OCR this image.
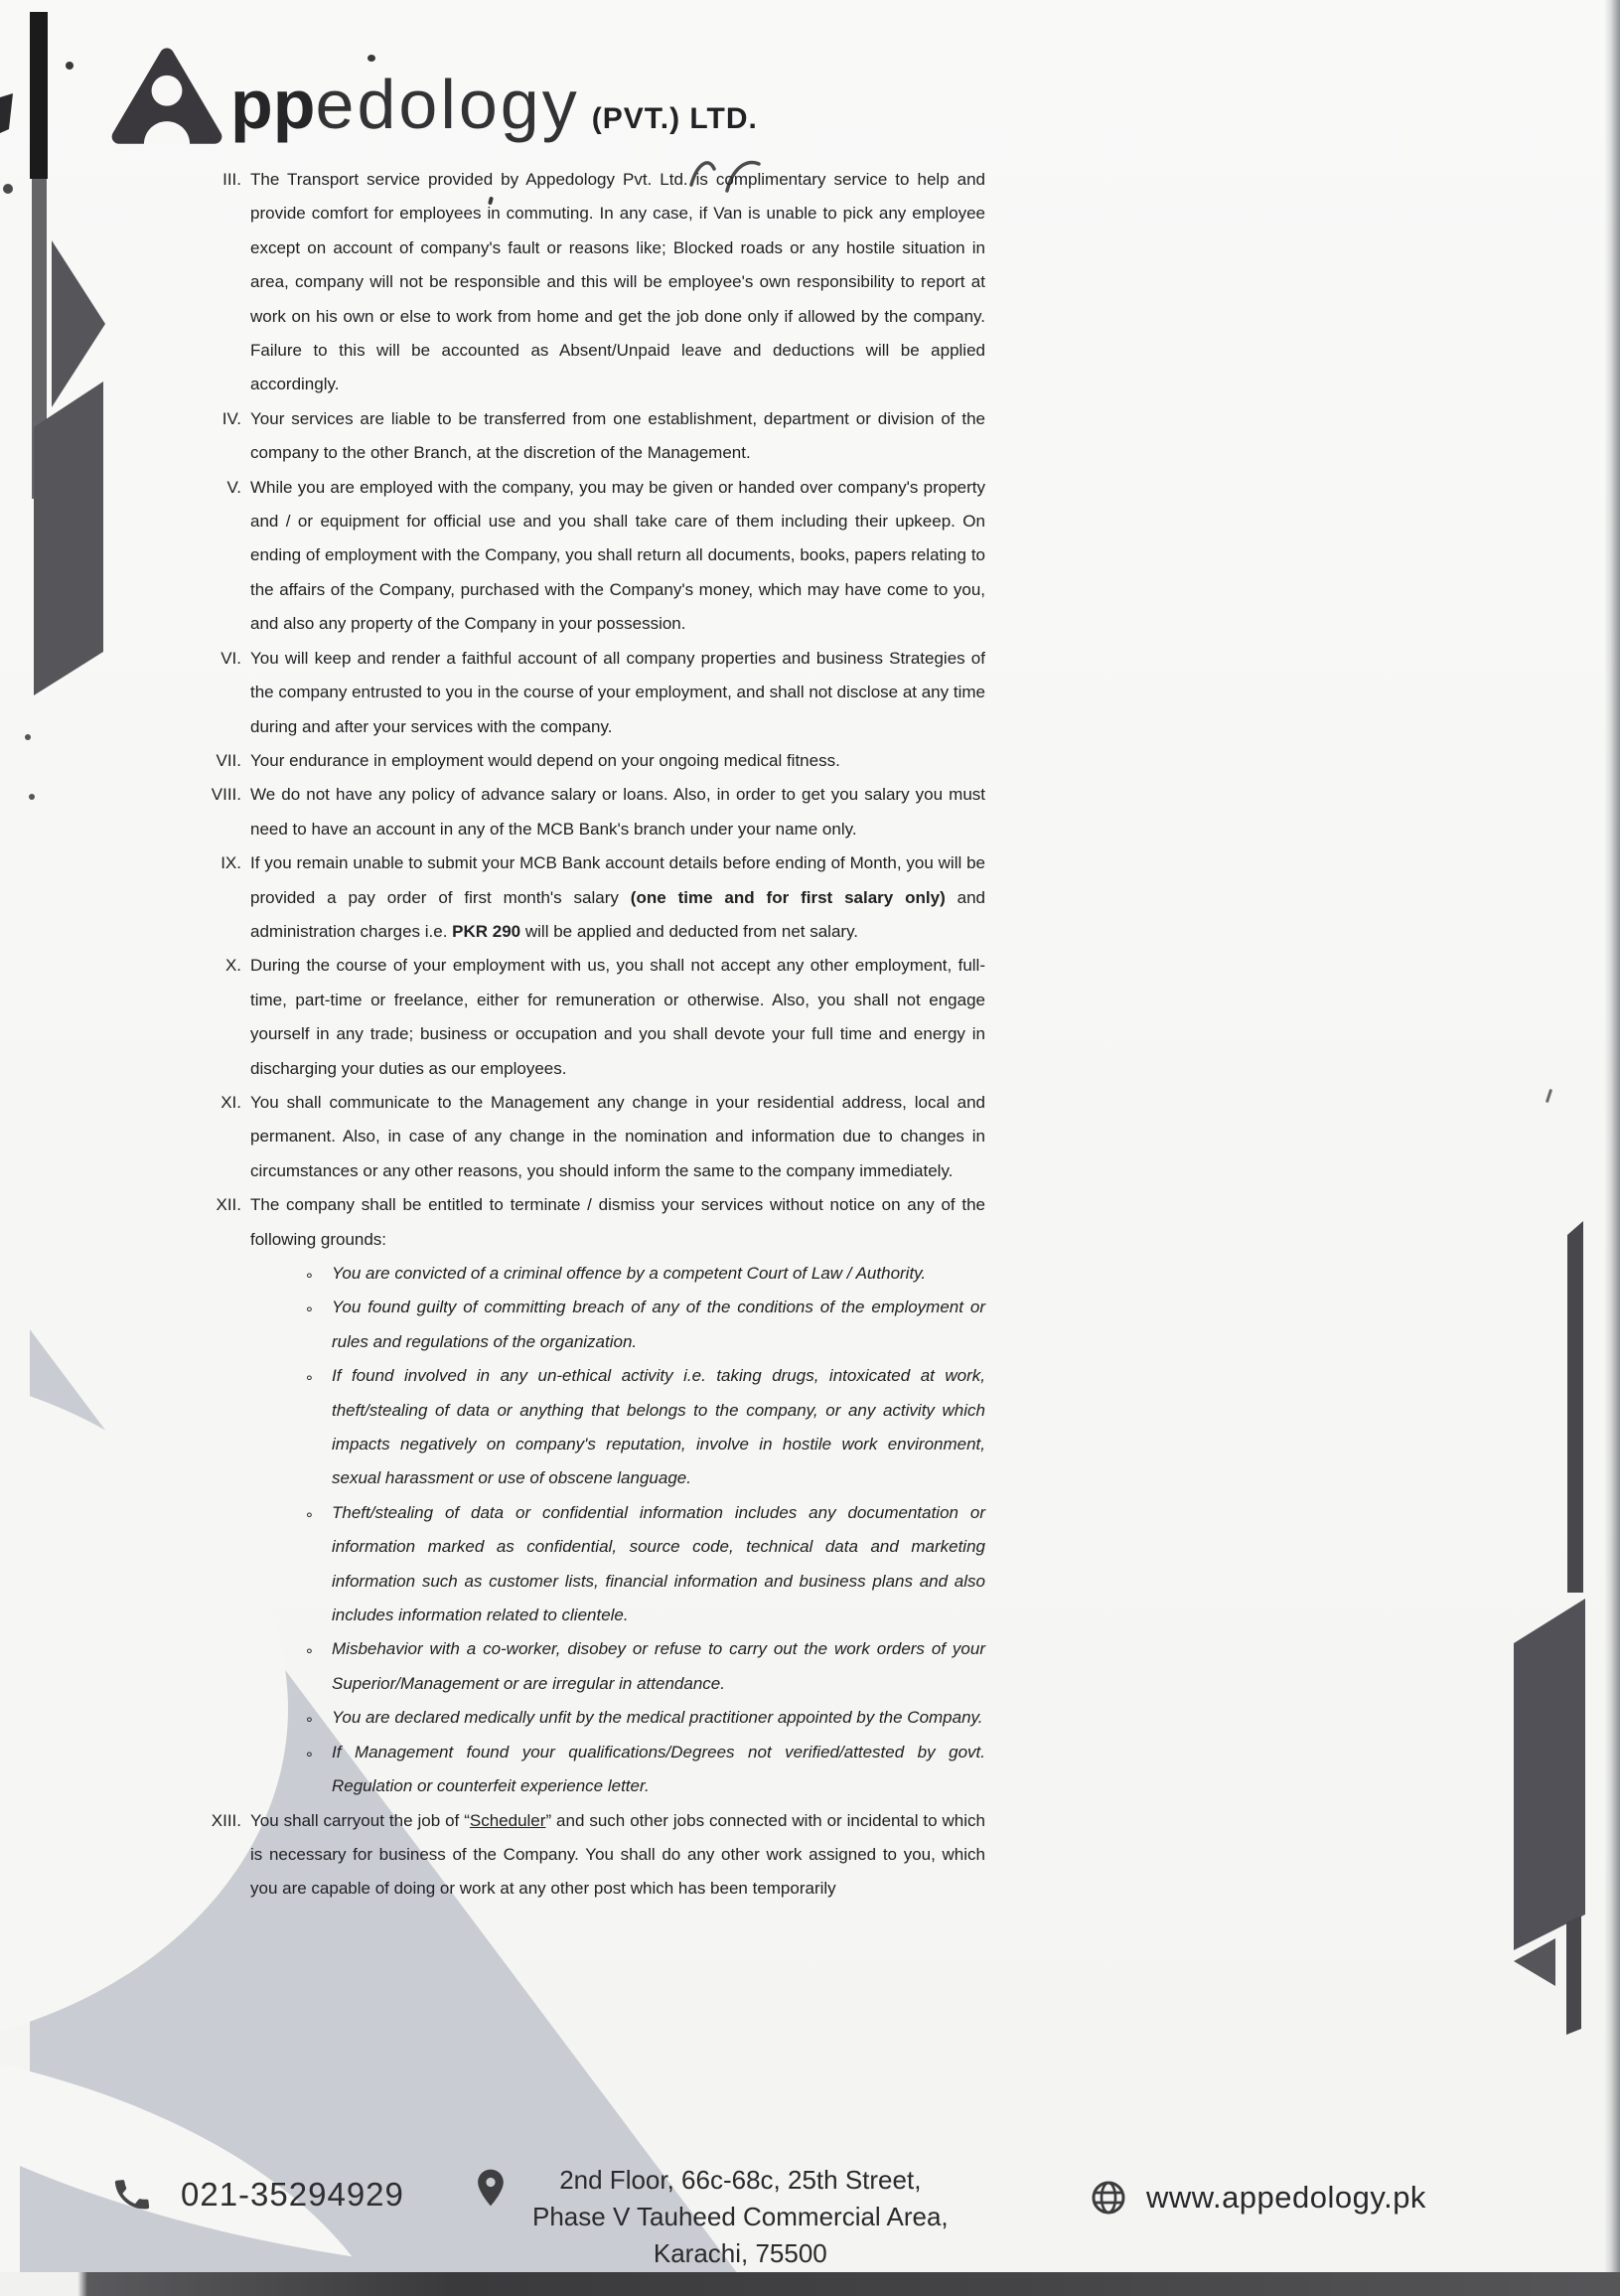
pp edology (PVT.) LTD.
III. The Transport service provided by Appedology Pvt. Ltd. is complimentary service to help and provide comfort for employees in commuting. In any case, if Van is unable to pick any employee except on account of company's fault or reasons like; Blocked roads or any hostile situation in area, company will not be responsible and this will be employee's own responsibility to report at work on his own or else to work from home and get the job done only if allowed by the company. Failure to this will be accounted as Absent/Unpaid leave and deductions will be applied accordingly.
IV. Your services are liable to be transferred from one establishment, department or division of the company to the other Branch, at the discretion of the Management.
V. While you are employed with the company, you may be given or handed over company's property and / or equipment for official use and you shall take care of them including their upkeep. On ending of employment with the Company, you shall return all documents, books, papers relating to the affairs of the Company, purchased with the Company's money, which may have come to you, and also any property of the Company in your possession.
VI. You will keep and render a faithful account of all company properties and business Strategies of the company entrusted to you in the course of your employment, and shall not disclose at any time during and after your services with the company.
VII. Your endurance in employment would depend on your ongoing medical fitness.
VIII. We do not have any policy of advance salary or loans. Also, in order to get you salary you must need to have an account in any of the MCB Bank's branch under your name only.
IX. If you remain unable to submit your MCB Bank account details before ending of Month, you will be provided a pay order of first month's salary (one time and for first salary only) and administration charges i.e. PKR 290 will be applied and deducted from net salary.
X. During the course of your employment with us, you shall not accept any other employment, full-time, part-time or freelance, either for remuneration or otherwise. Also, you shall not engage yourself in any trade; business or occupation and you shall devote your full time and energy in discharging your duties as our employees.
XI. You shall communicate to the Management any change in your residential address, local and permanent. Also, in case of any change in the nomination and information due to changes in circumstances or any other reasons, you should inform the same to the company immediately.
XII. The company shall be entitled to terminate / dismiss your services without notice on any of the following grounds:
°	You are convicted of a criminal offence by a competent Court of Law / Authority.
°	You found guilty of committing breach of any of the conditions of the employment or rules and regulations of the organization.
°	If found involved in any un-ethical activity i.e. taking drugs, intoxicated at work, theft/stealing of data or anything that belongs to the company, or any activity which impacts negatively on company's reputation, involve in hostile work environment, sexual harassment or use of obscene language.
°	Theft/stealing of data or confidential information includes any documentation or information marked as confidential, source code, technical data and marketing information such as customer lists, financial information and business plans and also includes information related to clientele.
°	Misbehavior with a co-worker, disobey or refuse to carry out the work orders of your Superior/Management or are irregular in attendance.
°	You are declared medically unfit by the medical practitioner appointed by the Company.
°	If Management found your qualifications/Degrees not verified/attested by govt. Regulation or counterfeit experience letter.
XIII. You shall carryout the job of “Scheduler” and such other jobs connected with or incidental to which is necessary for business of the Company. You shall do any other work assigned to you, which you are capable of doing or work at any other post which has been temporarily
021-35294929	2nd Floor, 66c-68c, 25th Street,
Phase V Tauheed Commercial Area,
Karachi, 75500
www.appedology.pk
